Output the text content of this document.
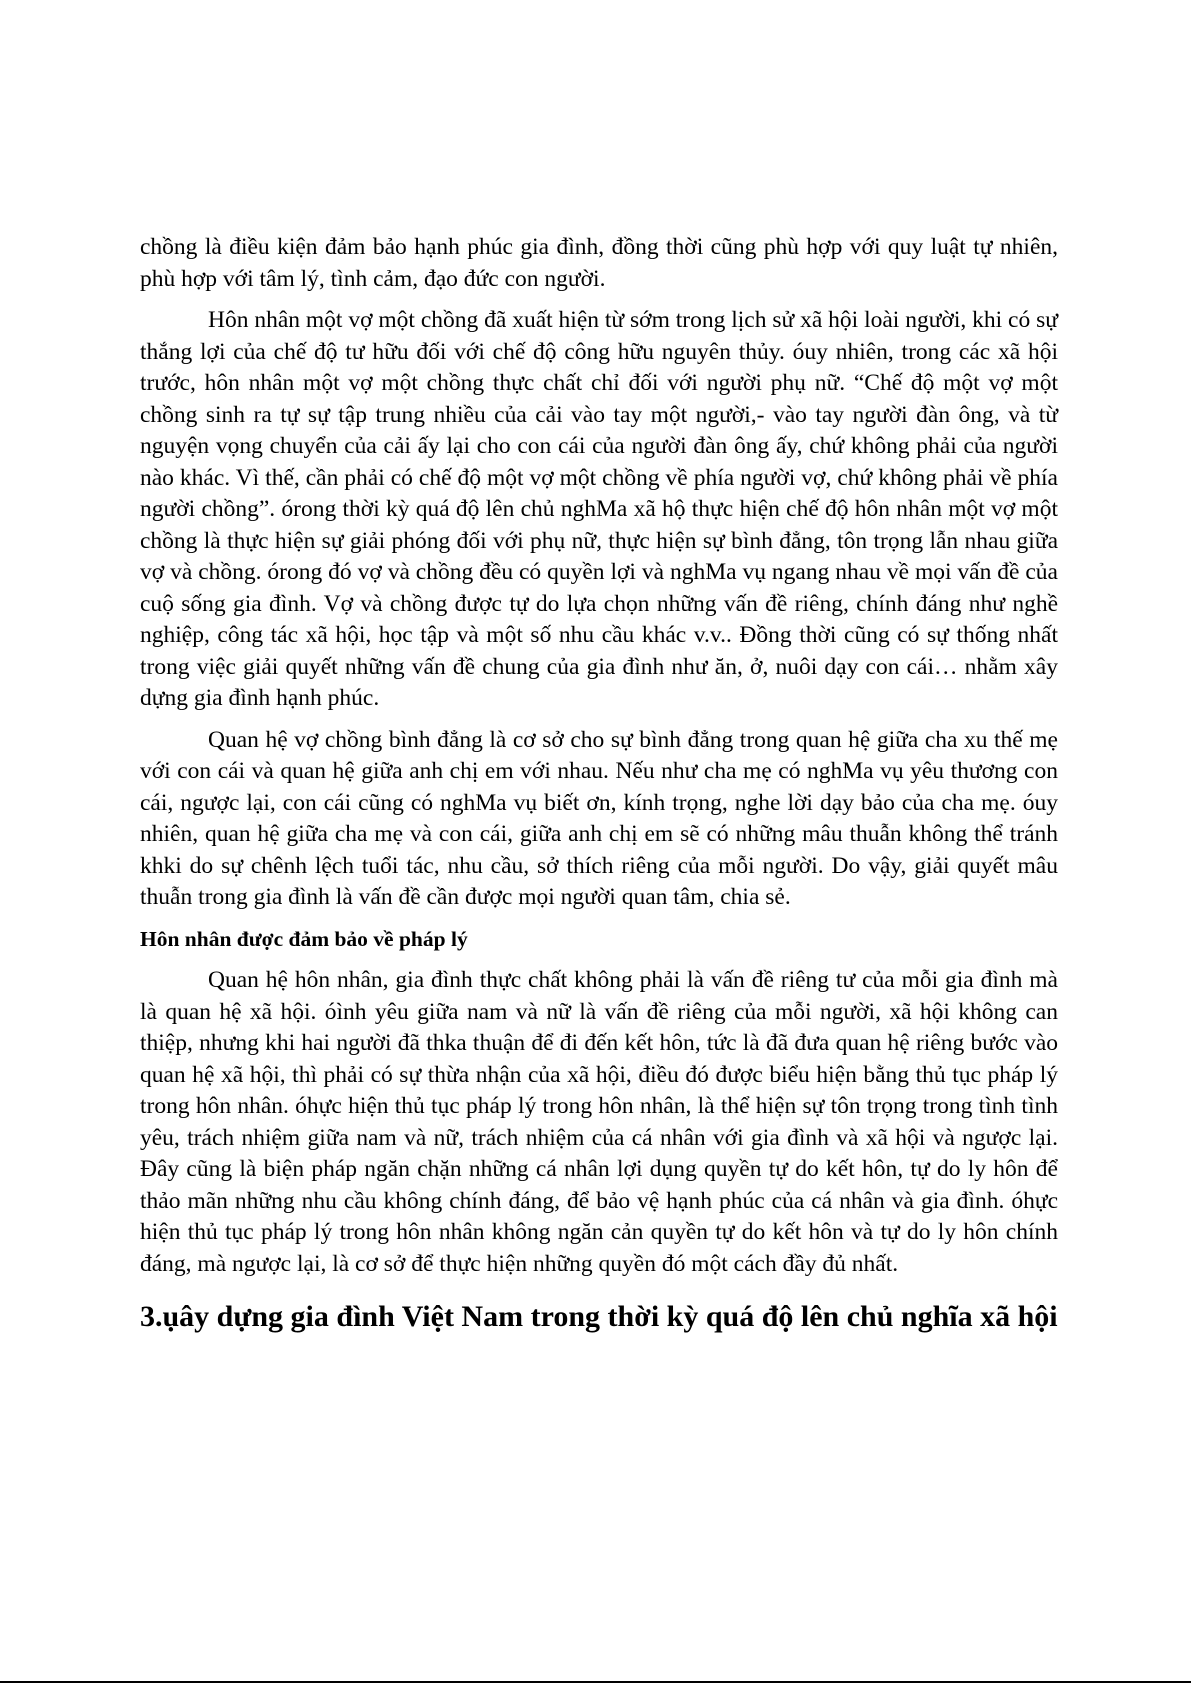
chồng là điều kiện đảm bảo hạnh phúc gia đình, đồng thời cũng phù hợp với quy luật tự nhiên, phù hợp với tâm lý, tình cảm, đạo đức con người.

Hôn nhân một vợ một chồng đã xuất hiện từ sớm trong lịch sử xã hội loài người, khi có sự thắng lợi của chế độ tư hữu đối với chế độ công hữu nguyên thủy. óuy nhiên, trong các xã hội trước, hôn nhân một vợ một chồng thực chất chỉ đối với người phụ nữ. “Chế độ một vợ một chồng sinh ra tự sự tập trung nhiều của cải vào tay một người,- vào tay người đàn ông, và từ nguyện vọng chuyển của cải ấy lại cho con cái của người đàn ông ấy, chứ không phải của người nào khác. Vì thế, cần phải có chế độ một vợ một chồng về phía người vợ, chứ không phải về phía người chồng”. órong thời kỳ quá độ lên chủ nghMa xã hộ thực hiện chế độ hôn nhân một vợ một chồng là thực hiện sự giải phóng đối với phụ nữ, thực hiện sự bình đẳng, tôn trọng lẫn nhau giữa vợ và chồng. órong đó vợ và chồng đều có quyền lợi và nghMa vụ ngang nhau về mọi vấn đề của cuộ sống gia đình. Vợ và chồng được tự do lựa chọn những vấn đề riêng, chính đáng như nghề nghiệp, công tác xã hội, học tập và một số nhu cầu khác v.v.. Đồng thời cũng có sự thống nhất trong việc giải quyết những vấn đề chung của gia đình như ăn, ở, nuôi dạy con cái… nhằm xây dựng gia đình hạnh phúc.

Quan hệ vợ chồng bình đẳng là cơ sở cho sự bình đẳng trong quan hệ giữa cha xu thế mẹ với con cái và quan hệ giữa anh chị em với nhau. Nếu như cha mẹ có nghMa vụ yêu thương con cái, ngược lại, con cái cũng có nghMa vụ biết ơn, kính trọng, nghe lời dạy bảo của cha mẹ. óuy nhiên, quan hệ giữa cha mẹ và con cái, giữa anh chị em sẽ có những mâu thuẫn không thể tránh khki do sự chênh lệch tuổi tác, nhu cầu, sở thích riêng của mỗi người. Do vậy, giải quyết mâu thuẫn trong gia đình là vấn đề cần được mọi người quan tâm, chia sẻ.

Hôn nhân được đảm bảo về pháp lý

Quan hệ hôn nhân, gia đình thực chất không phải là vấn đề riêng tư của mỗi gia đình mà là quan hệ xã hội. óình yêu giữa nam và nữ là vấn đề riêng của mỗi người, xã hội không can thiệp, nhưng khi hai người đã thka thuận để đi đến kết hôn, tức là đã đưa quan hệ riêng bước vào quan hệ xã hội, thì phải có sự thừa nhận của xã hội, điều đó được biểu hiện bằng thủ tục pháp lý trong hôn nhân. óhực hiện thủ tục pháp lý trong hôn nhân, là thể hiện sự tôn trọng trong tình tình yêu, trách nhiệm giữa nam và nữ, trách nhiệm của cá nhân với gia đình và xã hội và ngược lại. Đây cũng là biện pháp ngăn chặn những cá nhân lợi dụng quyền tự do kết hôn, tự do ly hôn để thảo mãn những nhu cầu không chính đáng, để bảo vệ hạnh phúc của cá nhân và gia đình. óhực hiện thủ tục pháp lý trong hôn nhân không ngăn cản quyền tự do kết hôn và tự do ly hôn chính đáng, mà ngược lại, là cơ sở để thực hiện những quyền đó một cách đầy đủ nhất.

3.ụây dựng gia đình Việt Nam trong thời kỳ quá độ lên chủ nghĩa xã hội
